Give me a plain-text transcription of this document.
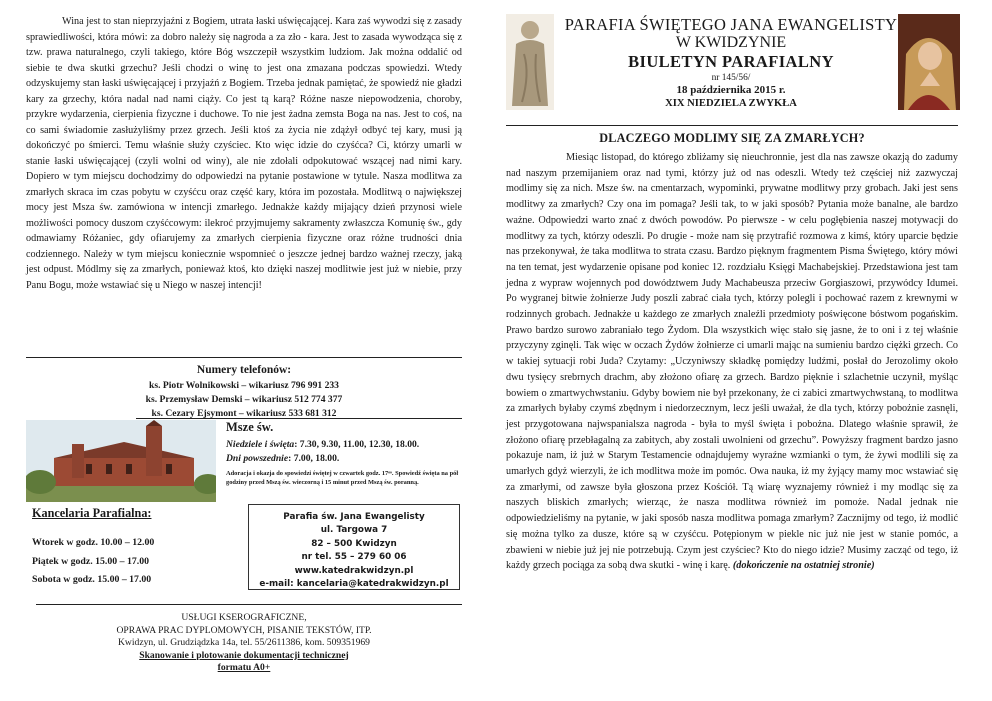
Wina jest to stan nieprzyjaźni z Bogiem, utrata łaski uświęcającej. Kara zaś wywodzi się z zasady sprawiedliwości, która mówi: za dobro należy się nagroda a za zło - kara. Jest to zasada wywodząca się z tzw. prawa naturalnego, czyli takiego, które Bóg wszczepił wszystkim ludziom. Jak można oddalić od siebie te dwa skutki grzechu? Jeśli chodzi o winę to jest ona zmazana podczas spowiedzi. Wtedy odzyskujemy stan łaski uświęcającej i przyjaźń z Bogiem. Trzeba jednak pamiętać, że spowiedź nie gładzi kary za grzechy, która nadal nad nami ciąży. Co jest tą karą? Różne nasze niepowodzenia, choroby, przykre wydarzenia, cierpienia fizyczne i duchowe. To nie jest żadna zemsta Boga na nas. Jest to coś, na co sami świadomie zasłużyliśmy przez grzech. Jeśli ktoś za życia nie zdążył odbyć tej kary, musi ją dokończyć po śmierci. Temu właśnie służy czyściec. Kto więc idzie do czyśćca? Ci, którzy umarli w stanie łaski uświęcającej (czyli wolni od winy), ale nie zdołali odpokutować wszącej nad nimi kary. Dopiero w tym miejscu dochodzimy do odpowiedzi na pytanie postawione w tytule. Nasza modlitwa za zmarłych skraca im czas pobytu w czyśćcu oraz część kary, która im pozostała. Modlitwą o największej mocy jest Msza św. zamówiona w intencji zmarłego. Jednakże każdy mijający dzień przynosi wiele możliwości pomocy duszom czyśćcowym: ilekroć przyjmujemy sakramenty zwłaszcza Komunię św., gdy odmawiamy Różaniec, gdy ofiarujemy za zmarłych cierpienia fizyczne oraz różne trudności dnia codziennego. Należy w tym miejscu koniecznie wspomnieć o jeszcze jednej bardzo ważnej rzeczy, jaką jest odpust. Módlmy się za zmarłych, ponieważ ktoś, kto dzięki naszej modlitwie jest już w niebie, przy Panu Bogu, może wstawiać się u Niego w naszej intencji!

Numery telefonów:
ks. Piotr Wolnikowski – wikariusz 796 991 233
ks. Przemysław Demski – wikariusz 512 774 377
ks. Cezary Ejsymont – wikariusz 533 681 312
Msze św.
Niedziele i święta: 7.30, 9.30, 11.00, 12.30, 18.00.
Dni powszednie: 7.00, 18.00.
Adoracja i okazja do spowiedzi świętej w czwartek godz. 17ᵒᵒ. Spowiedź święta na pół godziny przed Mszą św. wieczorną i 15 minut przed Mszą św. poranną.
Kancelaria Parafialna:
Wtorek w godz. 10.00 – 12.00
Piątek w godz. 15.00 – 17.00
Sobota w godz. 15.00 – 17.00
Parafia św. Jana Ewangelisty
ul. Targowa 7
82 – 500 Kwidzyn
nr tel. 55 – 279 60 06
www.katedrakwidzyn.pl
e-mail: kancelaria@katedrakwidzyn.pl
USŁUGI KSEROGRAFICZNE,
OPRAWA PRAC DYPLOMOWYCH, PISANIE TEKSTÓW, ITP.
Kwidzyn, ul. Grudziądzka 14a, tel. 55/2611386, kom. 509351969
Skanowanie i plotowanie dokumentacji technicznej
formatu A0+
PARAFIA ŚWIĘTEGO JANA EWANGELISTY
W KWIDZYNIE
BIULETYN PARAFIALNY
nr 145/56/
18 października 2015 r.
XIX NIEDZIELA ZWYKŁA
DLACZEGO MODLIMY SIĘ ZA ZMARŁYCH?

Miesiąc listopad, do którego zbliżamy się nieuchronnie, jest dla nas zawsze okazją do zadumy nad naszym przemijaniem oraz nad tymi, którzy już od nas odeszli. Wtedy też częściej niż zazwyczaj modlimy się za nich. Msze św. na cmentarzach, wypominki, prywatne modlitwy przy grobach. Jaki jest sens modlitwy za zmarłych? Czy ona im pomaga? Jeśli tak, to w jaki sposób? Pytania może banalne, ale bardzo ważne. Odpowiedzi warto znać z dwóch powodów. Po pierwsze - w celu pogłębienia naszej motywacji do modlitwy za tych, którzy odeszli. Po drugie - może nam się przytrafić rozmowa z kimś, który uparcie będzie nas przekonywał, że taka modlitwa to strata czasu. Bardzo pięknym fragmentem Pisma Świętego, który mówi na ten temat, jest wydarzenie opisane pod koniec 12. rozdziału Księgi Machabejskiej. Przedstawiona jest tam jedna z wypraw wojennych pod dowództwem Judy Machabeusza przeciw Gorgiaszowi, przywódcy Idumei. Po wygranej bitwie żołnierze Judy poszli zabrać ciała tych, którzy polegli i pochować razem z krewnymi w rodzinnych grobach. Jednakże u każdego ze zmarłych znaleźli przedmioty poświęcone bóstwom pogańskim. Prawo bardzo surowo zabraniało tego Żydom. Dla wszystkich więc stało się jasne, że to oni i z tej właśnie przyczyny zginęli. Tak więc w oczach Żydów żołnierze ci umarli mając na sumieniu bardzo ciężki grzech. Co w takiej sytuacji robi Juda? Czytamy: „Uczyniwszy składkę pomiędzy ludźmi, posłał do Jerozolimy około dwu tysięcy srebrnych drachm, aby złożono ofiarę za grzech. Bardzo pięknie i szlachetnie uczynił, myśląc bowiem o zmartwychwstaniu. Gdyby bowiem nie był przekonany, że ci zabici zmartwychwstaną, to modlitwa za zmarłych byłaby czymś zbędnym i niedorzecznym, lecz jeśli uważał, że dla tych, którzy pobożnie zasnęli, jest przygotowana najwspanialsza nagroda - była to myśl święta i pobożna. Dlatego właśnie sprawił, że złożono ofiarę przebłagalną za zabitych, aby zostali uwolnieni od grzechu”. Powyższy fragment bardzo jasno pokazuje nam, iż już w Starym Testamencie odnajdujemy wyraźne wzmianki o tym, że żywi modlili się za umarłych gdyż wierzyli, że ich modlitwa może im pomóc. Owa nauka, iż my żyjący mamy moc wstawiać się za zmarłymi, od zawsze była głoszona przez Kościół. Tą wiarę wyznajemy również i my modląc się za naszych bliskich zmarłych; wierząc, że nasza modlitwa również im pomoże. Nadal jednak nie odpowiedzieliśmy na pytanie, w jaki sposób nasza modlitwa pomaga zmarłym? Zacznijmy od tego, iż modlić się można tylko za dusze, które są w czyśćcu. Potępionym w piekle nic już nie jest w stanie pomóc, a zbawieni w niebie już jej nie potrzebują. Czym jest czyściec? Kto do niego idzie? Musimy zacząć od tego, iż każdy grzech pociąga za sobą dwa skutki - winę i karę. (dokończenie na ostatniej stronie)
